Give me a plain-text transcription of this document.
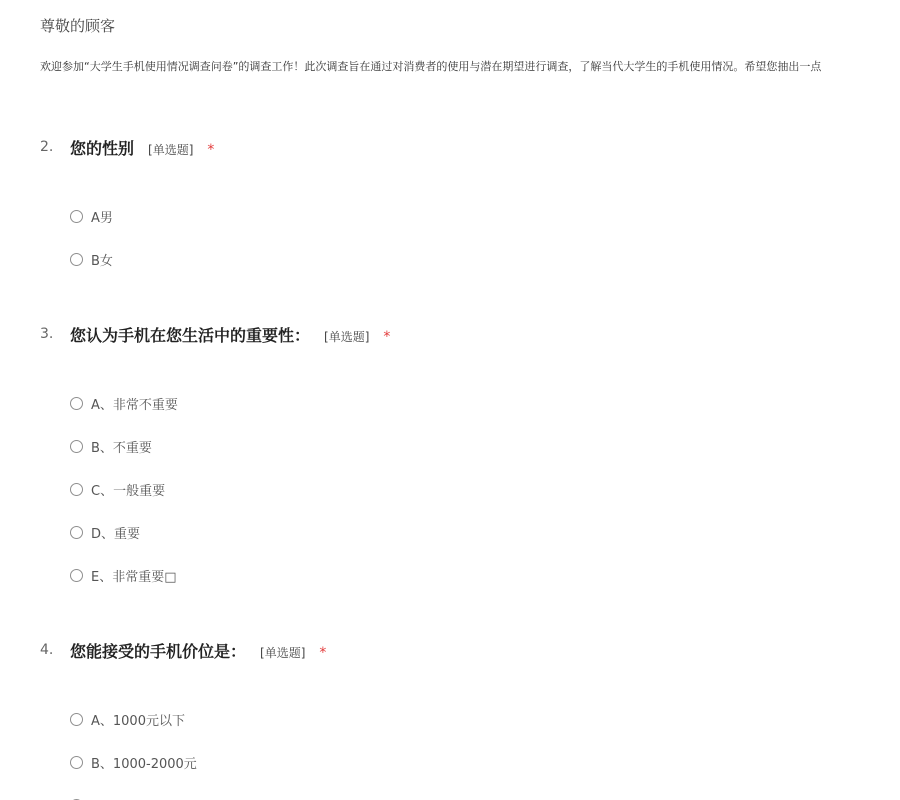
尊敬的顾客
欢迎参加“大学生手机使用情况调查问卷”的调查工作！此次调查旨在通过对消费者的使用与潜在期望进行调查，了解当代大学生的手机使用情况。希望您抽出一点
2. 您的性别 [单选题] *
A男
B女
3. 您认为手机在您生活中的重要性： [单选题] *
A、非常不重要
B、不重要
C、一般重要
D、重要
E、非常重要□
4. 您能接受的手机价位是： [单选题] *
A、1000元以下
B、1000-2000元
